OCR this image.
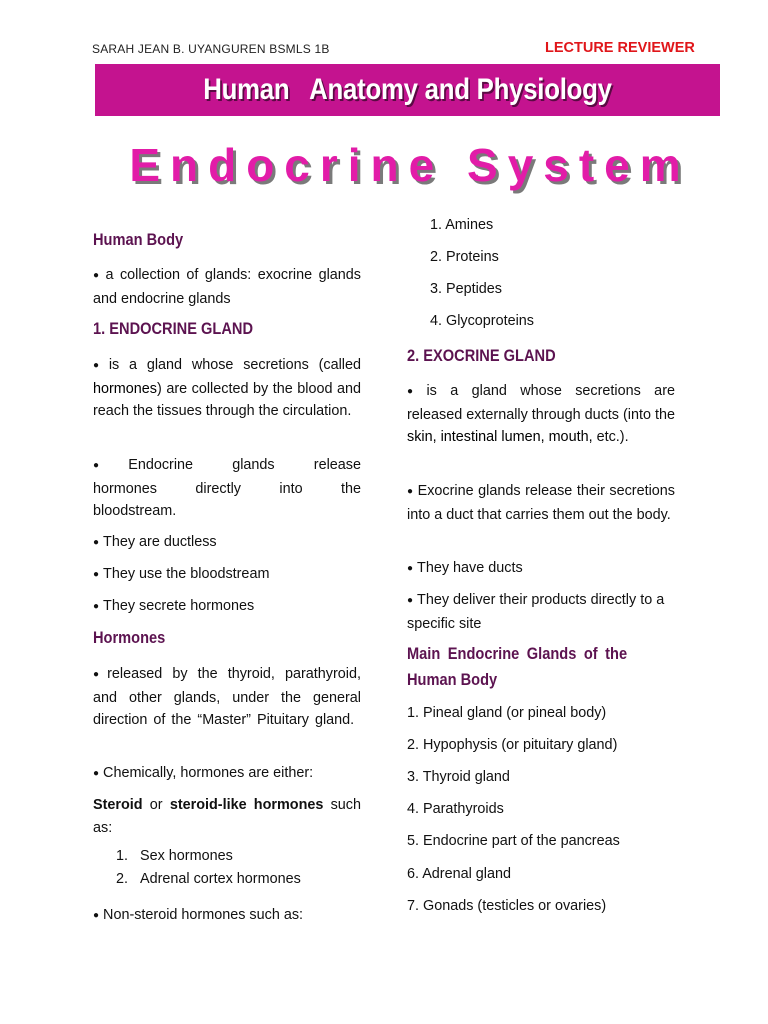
SARAH JEAN B. UYANGUREN BSMLS 1B	LECTURE REVIEWER
Human   Anatomy and Physiology
Endocrine System
Human Body
● a collection of glands: exocrine glands and endocrine glands
1. ENDOCRINE GLAND
● is a gland whose secretions (called hormones) are collected by the blood and reach the tissues through the circulation.
● Endocrine glands release hormones directly into the bloodstream.
● They are ductless
● They use the bloodstream
● They secrete hormones
Hormones
● released by the thyroid, parathyroid, and other glands, under the general direction of the “Master” Pituitary gland.
● Chemically, hormones are either:
Steroid or steroid-like hormones such as:
1.   Sex hormones
2.   Adrenal cortex hormones
● Non-steroid hormones such as:
1. Amines
2. Proteins
3. Peptides
4. Glycoproteins
2. EXOCRINE GLAND
● is a gland whose secretions are released externally through ducts (into the skin, intestinal lumen, mouth, etc.).
● Exocrine glands release their secretions into a duct that carries them out the body.
● They have ducts
● They deliver their products directly to a specific site
Main Endocrine Glands of the
Human Body
1. Pineal gland (or pineal body)
2. Hypophysis (or pituitary gland)
3. Thyroid gland
4. Parathyroids
5. Endocrine part of the pancreas
6. Adrenal gland
7. Gonads (testicles or ovaries)
